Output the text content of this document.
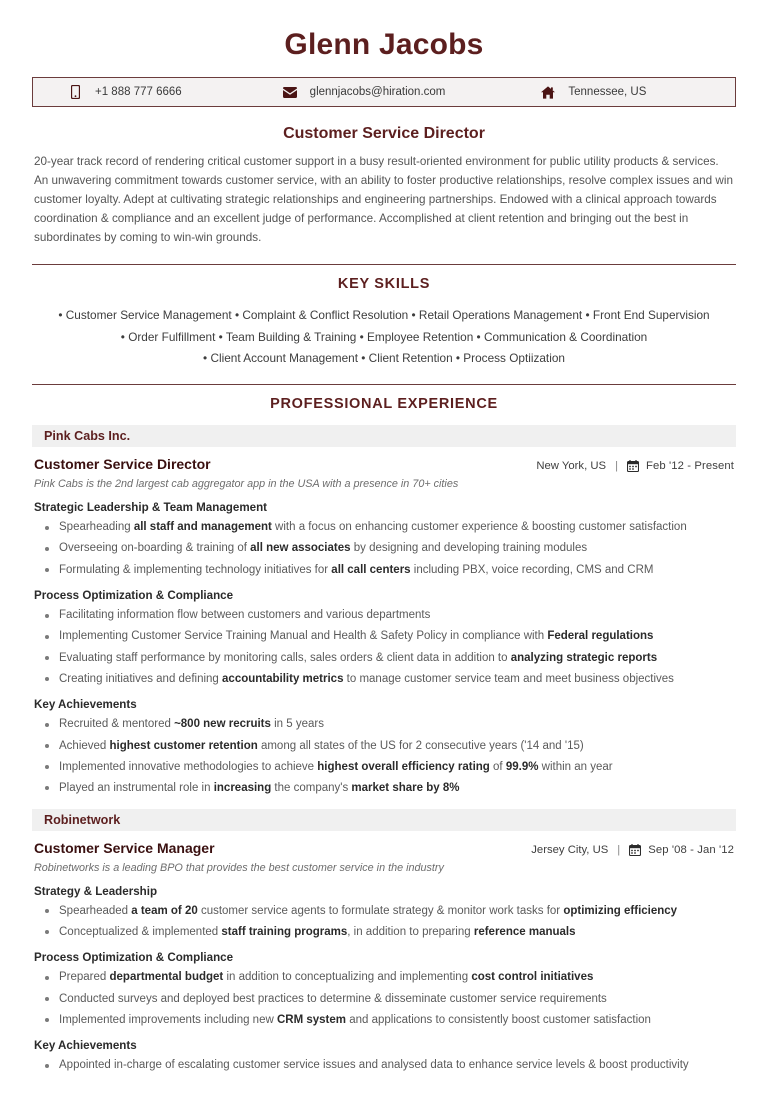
Glenn Jacobs
+1 888 777 6666	glennjacobs@hiration.com	Tennessee, US
Customer Service Director
20-year track record of rendering critical customer support in a busy result-oriented environment for public utility products & services. An unwavering commitment towards customer service, with an ability to foster productive relationships, resolve complex issues and win customer loyalty. Adept at cultivating strategic relationships and engineering partnerships. Endowed with a clinical approach towards coordination & compliance and an excellent judge of performance. Accomplished at client retention and bringing out the best in subordinates by coming to win-win grounds.
KEY SKILLS
• Customer Service Management • Complaint & Conflict Resolution • Retail Operations Management • Front End Supervision
• Order Fulfillment • Team Building & Training • Employee Retention • Communication & Coordination
• Client Account Management • Client Retention • Process Optiization
PROFESSIONAL EXPERIENCE
Pink Cabs Inc.
Customer Service Director	New York, US | Feb '12 - Present
Pink Cabs is the 2nd largest cab aggregator app in the USA with a presence in 70+ cities
Strategic Leadership & Team Management
Spearheading all staff and management with a focus on enhancing customer experience & boosting customer satisfaction
Overseeing on-boarding & training of all new associates by designing and developing training modules
Formulating & implementing technology initiatives for all call centers including PBX, voice recording, CMS and CRM
Process Optimization & Compliance
Facilitating information flow between customers and various departments
Implementing Customer Service Training Manual and Health & Safety Policy in compliance with Federal regulations
Evaluating staff performance by monitoring calls, sales orders & client data in addition to analyzing strategic reports
Creating initiatives and defining accountability metrics to manage customer service team and meet business objectives
Key Achievements
Recruited & mentored ~800 new recruits in 5 years
Achieved highest customer retention among all states of the US for 2 consecutive years ('14 and '15)
Implemented innovative methodologies to achieve highest overall efficiency rating of 99.9% within an year
Played an instrumental role in increasing the company's market share by 8%
Robinetwork
Customer Service Manager	Jersey City, US | Sep '08 - Jan '12
Robinetworks is a leading BPO that provides the best customer service in the industry
Strategy & Leadership
Spearheaded a team of 20 customer service agents to formulate strategy & monitor work tasks for optimizing efficiency
Conceptualized & implemented staff training programs, in addition to preparing reference manuals
Process Optimization & Compliance
Prepared departmental budget in addition to conceptualizing and implementing cost control initiatives
Conducted surveys and deployed best practices to determine & disseminate customer service requirements
Implemented improvements including new CRM system and applications to consistently boost customer satisfaction
Key Achievements
Appointed in-charge of escalating customer service issues and analysed data to enhance service levels & boost productivity
